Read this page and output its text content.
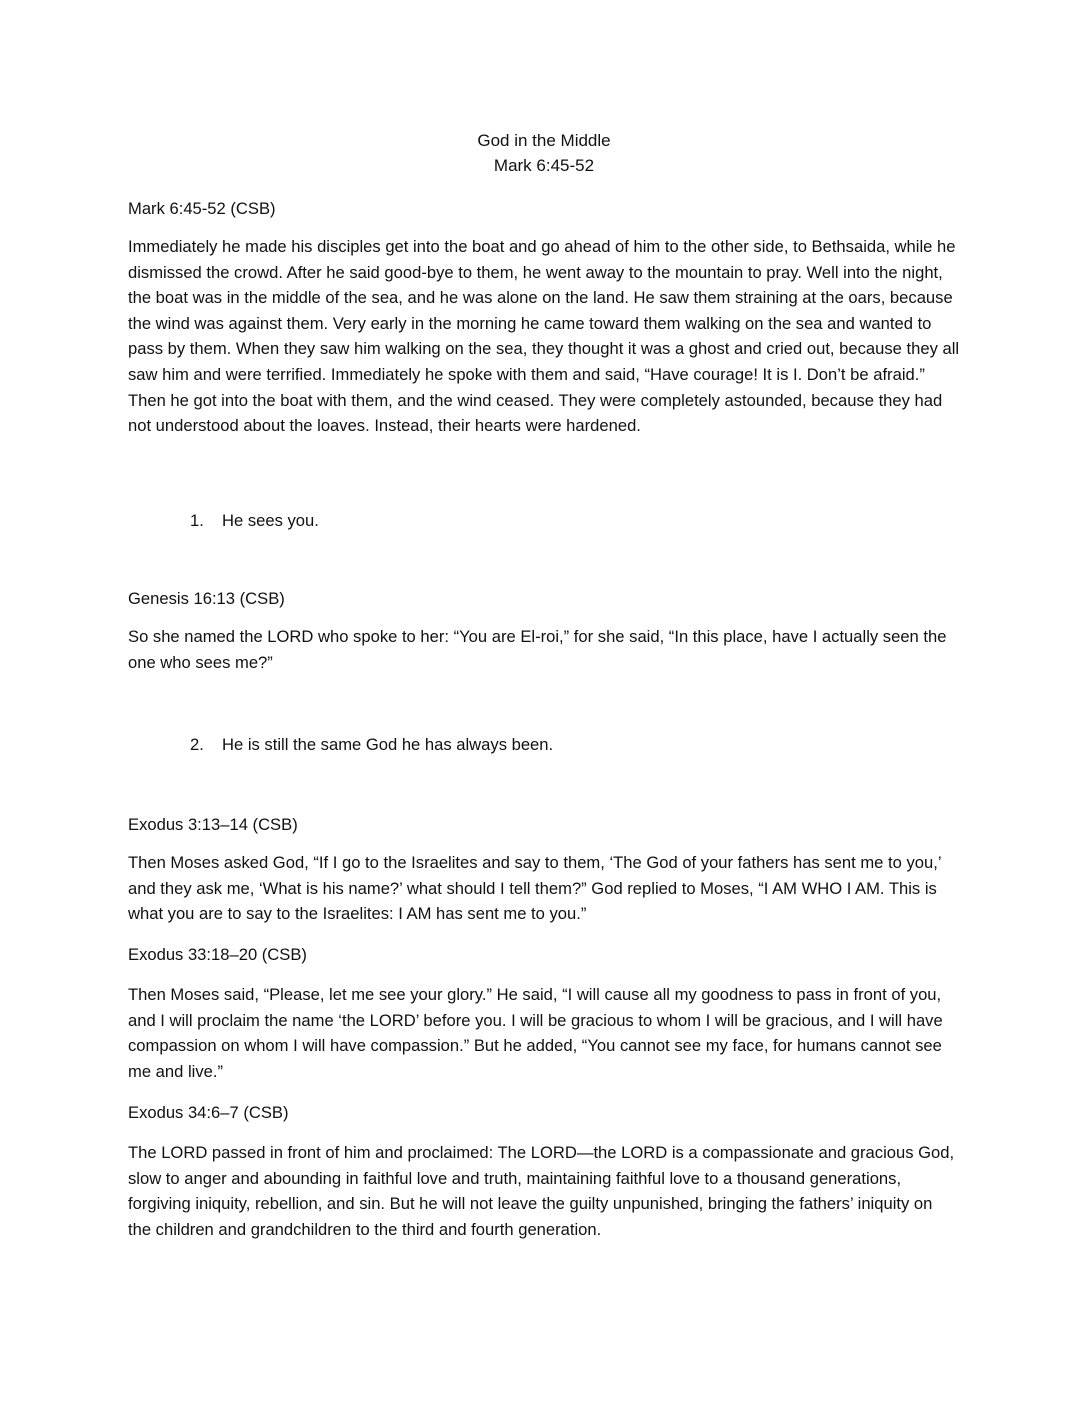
God in the Middle
Mark 6:45-52
Mark 6:45-52 (CSB)

Immediately he made his disciples get into the boat and go ahead of him to the other side, to Bethsaida, while he dismissed the crowd. After he said good-bye to them, he went away to the mountain to pray. Well into the night, the boat was in the middle of the sea, and he was alone on the land. He saw them straining at the oars, because the wind was against them. Very early in the morning he came toward them walking on the sea and wanted to pass by them. When they saw him walking on the sea, they thought it was a ghost and cried out, because they all saw him and were terrified. Immediately he spoke with them and said, “Have courage! It is I. Don’t be afraid.” Then he got into the boat with them, and the wind ceased. They were completely astounded, because they had not understood about the loaves. Instead, their hearts were hardened.

1. He sees you.
Genesis 16:13 (CSB)

So she named the LORD who spoke to her: “You are El-roi,” for she said, “In this place, have I actually seen the one who sees me?”

2. He is still the same God he has always been.
Exodus 3:13–14 (CSB)

Then Moses asked God, “If I go to the Israelites and say to them, ‘The God of your fathers has sent me to you,’ and they ask me, ‘What is his name?’ what should I tell them?” God replied to Moses, “I AM WHO I AM. This is what you are to say to the Israelites: I AM has sent me to you.”

Exodus 33:18–20 (CSB)

Then Moses said, “Please, let me see your glory.” He said, “I will cause all my goodness to pass in front of you, and I will proclaim the name ‘the LORD’ before you. I will be gracious to whom I will be gracious, and I will have compassion on whom I will have compassion.” But he added, “You cannot see my face, for humans cannot see me and live.”

Exodus 34:6–7 (CSB)

The LORD passed in front of him and proclaimed: The LORD—the LORD is a compassionate and gracious God, slow to anger and abounding in faithful love and truth, maintaining faithful love to a thousand generations, forgiving iniquity, rebellion, and sin. But he will not leave the guilty unpunished, bringing the fathers’ iniquity on the children and grandchildren to the third and fourth generation.
